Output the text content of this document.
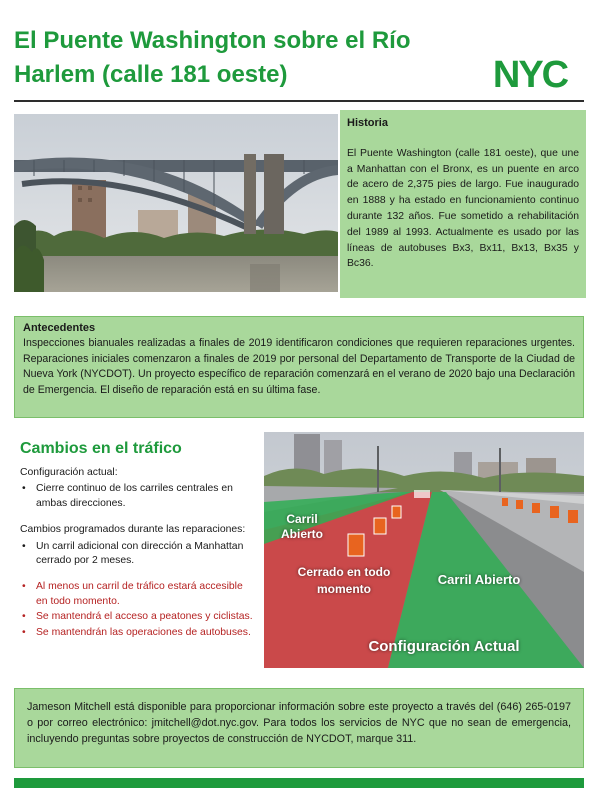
El Puente Washington sobre el Río Harlem (calle 181 oeste)	NYC
Historia
El Puente Washington (calle 181 oeste), que une a Manhattan con el Bronx, es un puente en arco de acero de 2,375 pies de largo. Fue inaugurado en 1888 y ha estado en funcionamiento continuo durante 132 años. Fue sometido a rehabilitación del 1989 al 1993. Actualmente es usado por las líneas de autobuses Bx3, Bx11, Bx13, Bx35 y Bc36.
Antecedentes
Inspecciones bianuales realizadas a finales de 2019 identificaron condiciones que requieren reparaciones urgentes. Reparaciones iniciales comenzaron a finales de 2019 por personal del Departamento de Transporte de la Ciudad de Nueva York (NYCDOT). Un proyecto específico de reparación comenzará en el verano de 2020 bajo una Declaración de Emergencia. El diseño de reparación está en su última fase.
Cambios en el tráfico
Configuración actual:
• Cierre continuo de los carriles centrales en ambas direcciones.
Cambios programados durante las reparaciones:
• Un carril adicional con dirección a Manhattan cerrado por 2 meses.
• Al menos un carril de tráfico estará accesible en todo momento.
• Se mantendrá el acceso a peatones y ciclistas.
• Se mantendrán las operaciones de autobuses.
Carril Abierto
Cerrado en todo momento
Carril Abierto
Configuración Actual
Jameson Mitchell está disponible para proporcionar información sobre este proyecto a través del (646) 265-0197 o por correo electrónico: jmitchell@dot.nyc.gov. Para todos los servicios de NYC que no sean de emergencia, incluyendo preguntas sobre proyectos de construcción de NYCDOT, marque 311.
